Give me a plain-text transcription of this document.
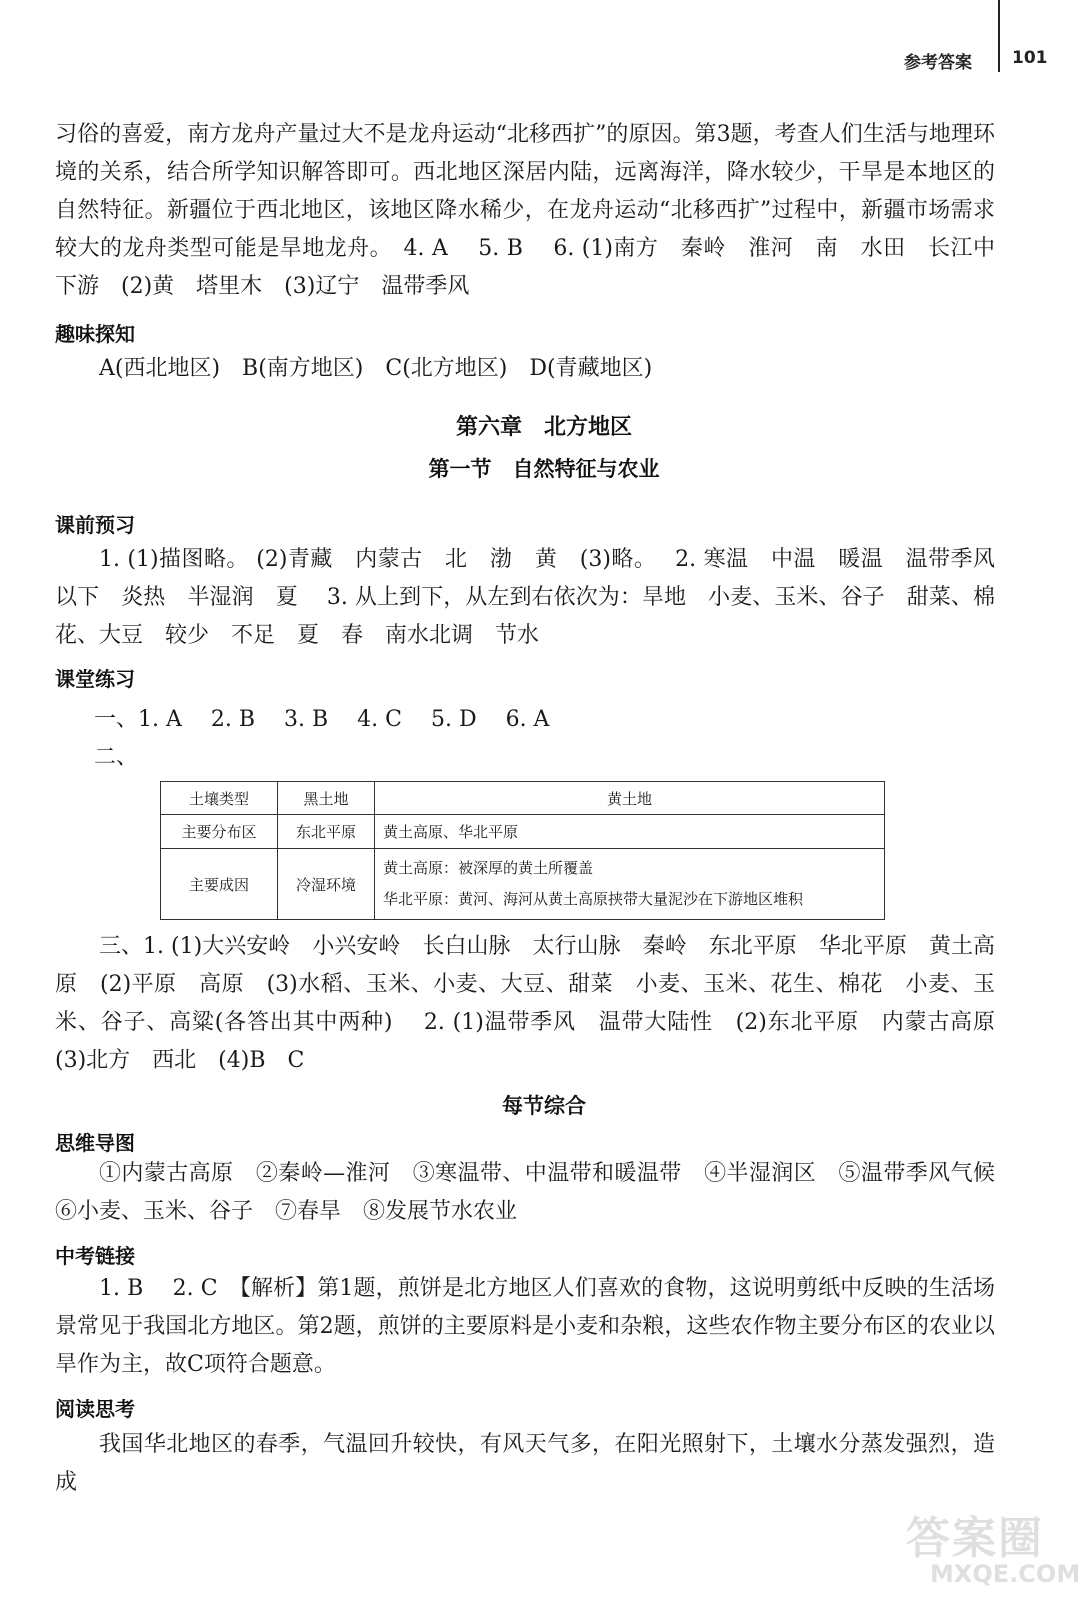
参考答案 101
习俗的喜爱，南方龙舟产量过大不是龙舟运动“北移西扩”的原因。第3题，考查人们生活与地理环境的关系，结合所学知识解答即可。西北地区深居内陆，远离海洋，降水较少，干旱是本地区的自然特征。新疆位于西北地区，该地区降水稀少，在龙舟运动“北移西扩”过程中，新疆市场需求较大的龙舟类型可能是旱地龙舟。　4. A　 5. B　 6. (1)南方　秦岭　淮河　南　水田　长江中下游　(2)黄　塔里木　(3)辽宁　温带季风
趣味探知
A(西北地区)　B(南方地区)　C(北方地区)　D(青藏地区)
第六章　北方地区
第一节　自然特征与农业
课前预习
1. (1)描图略。 (2)青藏　内蒙古　北　渤　黄　(3)略。　 2. 寒温　中温　暖温　温带季风　以下　炎热　半湿润　夏　 3. 从上到下，从左到右依次为：旱地　小麦、玉米、谷子　甜菜、棉花、大豆　较少　不足　夏　春　南水北调　节水
课堂练习
一、1. A　 2. B　 3. B　 4. C　 5. D　 6. A
二、
土壤类型	黑土地	黄土地
主要分布区	东北平原	黄土高原、华北平原
主要成因	冷湿环境	黄土高原：被深厚的黄土所覆盖
华北平原：黄河、海河从黄土高原挟带大量泥沙在下游地区堆积
三、1. (1)大兴安岭　小兴安岭　长白山脉　太行山脉　秦岭　东北平原　华北平原　黄土高原　(2)平原　高原　(3)水稻、玉米、小麦、大豆、甜菜　小麦、玉米、花生、棉花　小麦、玉米、谷子、高粱(各答出其中两种)　 2. (1)温带季风　温带大陆性　(2)东北平原　内蒙古高原　(3)北方　西北　(4)B　C
每节综合
思维导图
①内蒙古高原　②秦岭—淮河　③寒温带、中温带和暖温带　④半湿润区　⑤温带季风气候　⑥小麦、玉米、谷子　⑦春旱　⑧发展节水农业
中考链接
1. B　 2. C　【解析】第1题，煎饼是北方地区人们喜欢的食物，这说明剪纸中反映的生活场景常见于我国北方地区。第2题，煎饼的主要原料是小麦和杂粮，这些农作物主要分布区的农业以旱作为主，故C项符合题意。
阅读思考
我国华北地区的春季，气温回升较快，有风天气多，在阳光照射下，土壤水分蒸发强烈，造成
答案圈
MXQE.COM
